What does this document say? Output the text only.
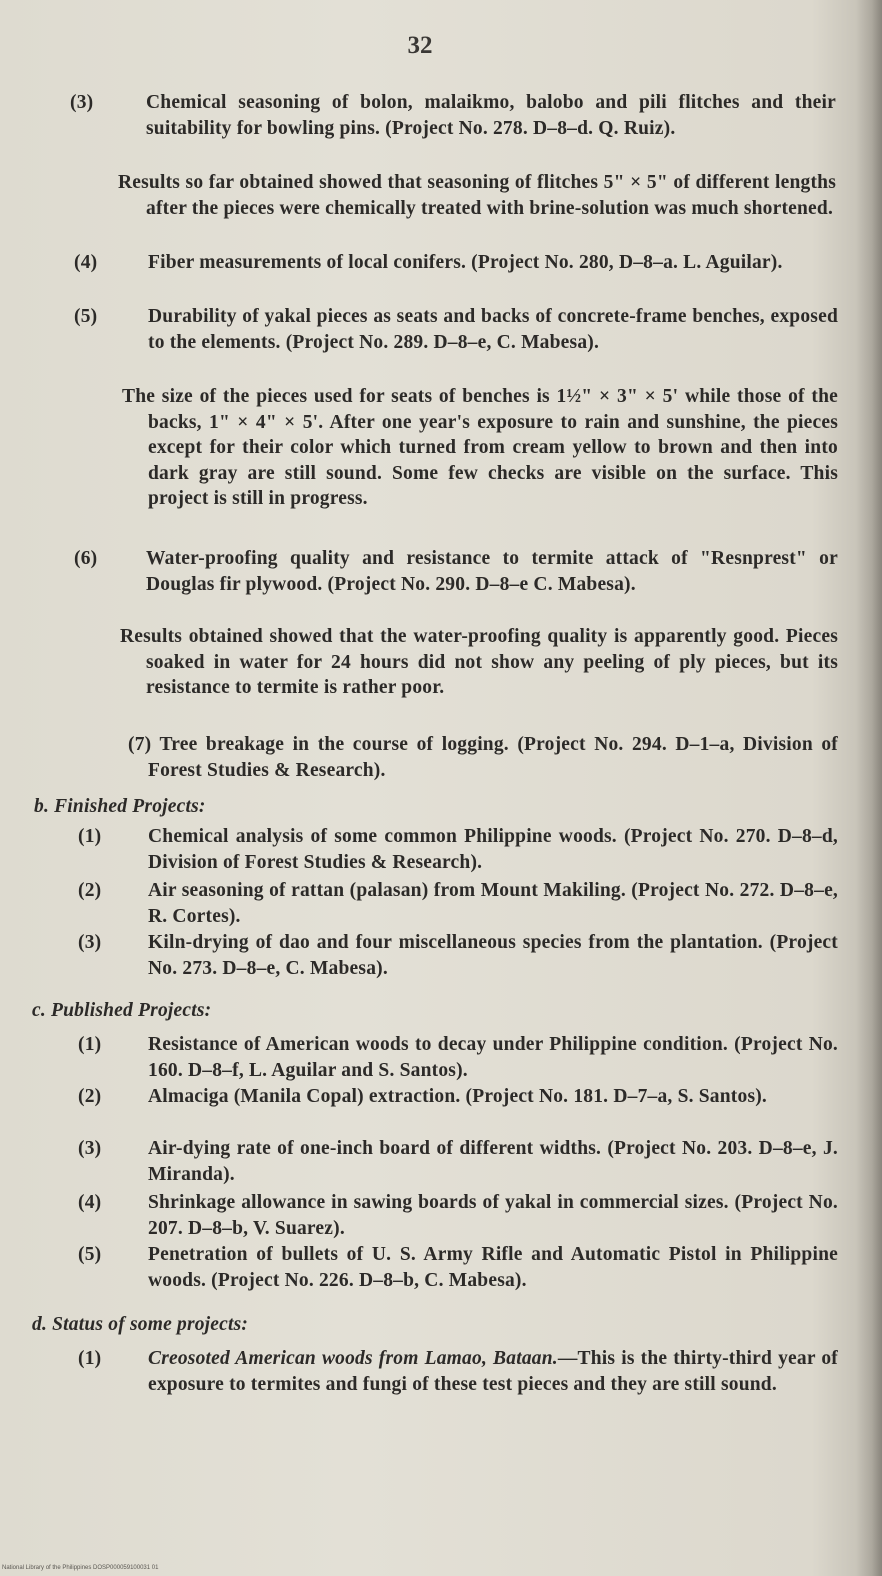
32
(3)	Chemical seasoning of bolon, malaikmo, balobo and pili flitches and their suitability for bowling pins. (Project No. 278. D–8–d. Q. Ruiz).
Results so far obtained showed that seasoning of flitches 5" × 5" of different lengths after the pieces were chemically treated with brine-solution was much shortened.
(4)	Fiber measurements of local conifers. (Project No. 280, D–8–a. L. Aguilar).
(5)	Durability of yakal pieces as seats and backs of concrete-frame benches, exposed to the elements. (Project No. 289. D–8–e, C. Mabesa).
The size of the pieces used for seats of benches is 1½" × 3" × 5' while those of the backs, 1" × 4" × 5'. After one year's exposure to rain and sunshine, the pieces except for their color which turned from cream yellow to brown and then into dark gray are still sound. Some few checks are visible on the surface. This project is still in progress.
(6) Water-proofing quality and resistance to termite attack of "Resnprest" or Douglas fir plywood. (Project No. 290. D–8–e C. Mabesa).
Results obtained showed that the water-proofing quality is apparently good. Pieces soaked in water for 24 hours did not show any peeling of ply pieces, but its resistance to termite is rather poor.
(7) Tree breakage in the course of logging. (Project No. 294. D–1–a, Division of Forest Studies & Research).
b. Finished Projects:
(1) Chemical analysis of some common Philippine woods. (Project No. 270. D–8–d, Division of Forest Studies & Research).
(2) Air seasoning of rattan (palasan) from Mount Makiling. (Project No. 272. D–8–e, R. Cortes).
(3) Kiln-drying of dao and four miscellaneous species from the plantation. (Project No. 273. D–8–e, C. Mabesa).
c. Published Projects:
(1) Resistance of American woods to decay under Philippine condition. (Project No. 160. D–8–f, L. Aguilar and S. Santos).
(2) Almaciga (Manila Copal) extraction. (Project No. 181. D–7–a, S. Santos).
(3) Air-dying rate of one-inch board of different widths. (Project No. 203. D–8–e, J. Miranda).
(4) Shrinkage allowance in sawing boards of yakal in commercial sizes. (Project No. 207. D–8–b, V. Suarez).
(5) Penetration of bullets of U. S. Army Rifle and Automatic Pistol in Philippine woods. (Project No. 226. D–8–b, C. Mabesa).
d. Status of some projects:
(1) Creosoted American woods from Lamao, Bataan.—This is the thirty-third year of exposure to termites and fungi of these test pieces and they are still sound.
National Library of the Philippines DOSP000059100031 01
